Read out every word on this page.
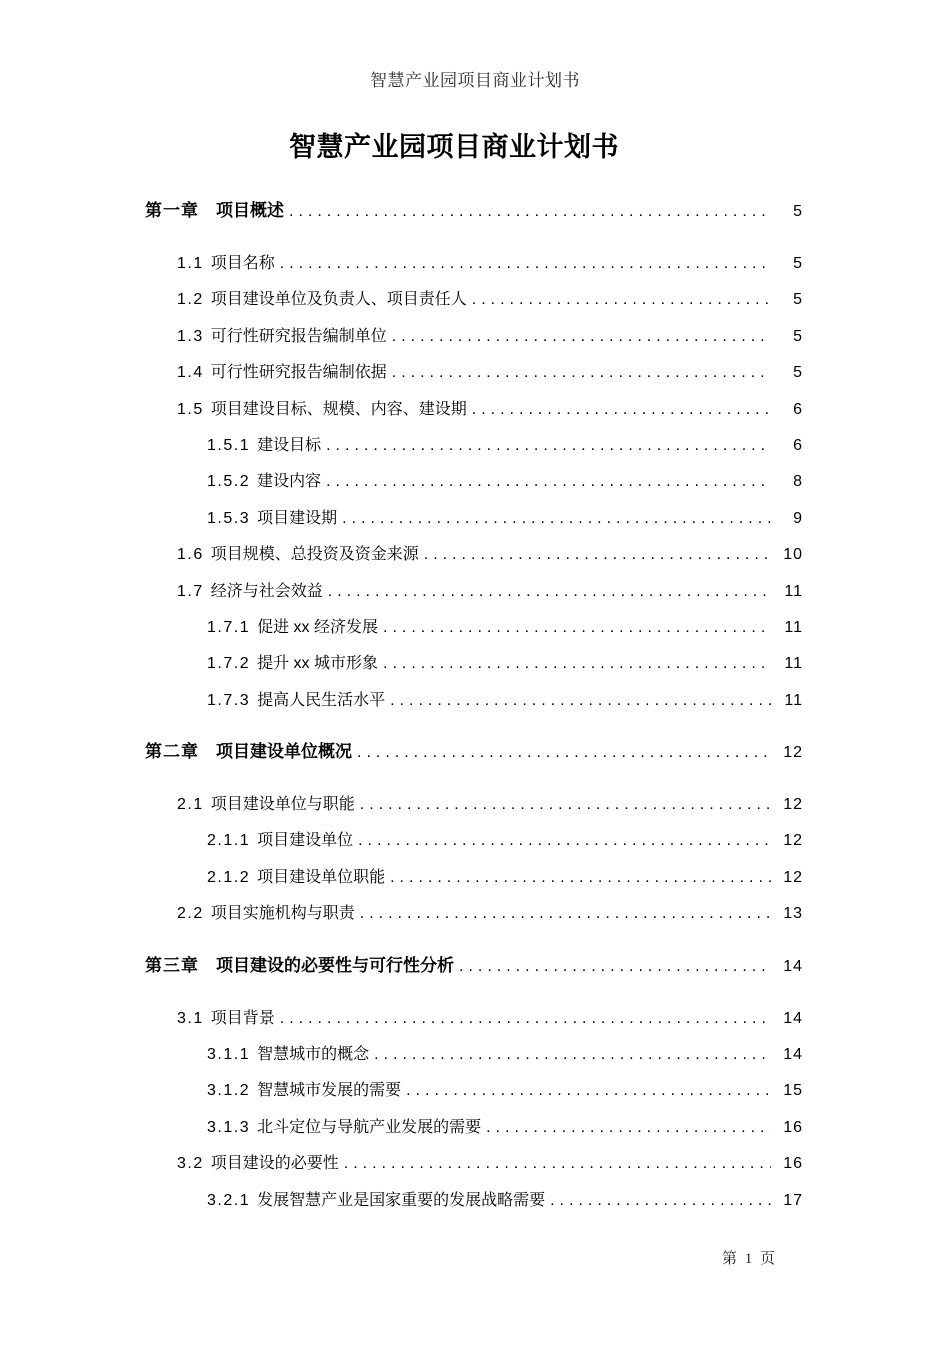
智慧产业园项目商业计划书
智慧产业园项目商业计划书
第一章 项目概述 .....	5
1.1 项目名称 .....	5
1.2 项目建设单位及负责人、项目责任人 .....	5
1.3 可行性研究报告编制单位 .....	5
1.4 可行性研究报告编制依据 .....	5
1.5 项目建设目标、规模、内容、建设期 .....	6
1.5.1 建设目标 .....	6
1.5.2 建设内容 .....	8
1.5.3 项目建设期 .....	9
1.6 项目规模、总投资及资金来源 .....	10
1.7 经济与社会效益 .....	11
1.7.1 促进 xx 经济发展 .....	11
1.7.2 提升 xx 城市形象 .....	11
1.7.3 提高人民生活水平 .....	11
第二章 项目建设单位概况 .....	12
2.1 项目建设单位与职能 .....	12
2.1.1 项目建设单位 .....	12
2.1.2 项目建设单位职能 .....	12
2.2 项目实施机构与职责 .....	13
第三章 项目建设的必要性与可行性分析 .....	14
3.1 项目背景 .....	14
3.1.1 智慧城市的概念 .....	14
3.1.2 智慧城市发展的需要 .....	15
3.1.3 北斗定位与导航产业发展的需要 .....	16
3.2 项目建设的必要性 .....	16
3.2.1 发展智慧产业是国家重要的发展战略需要 .....	17
第 1 页
